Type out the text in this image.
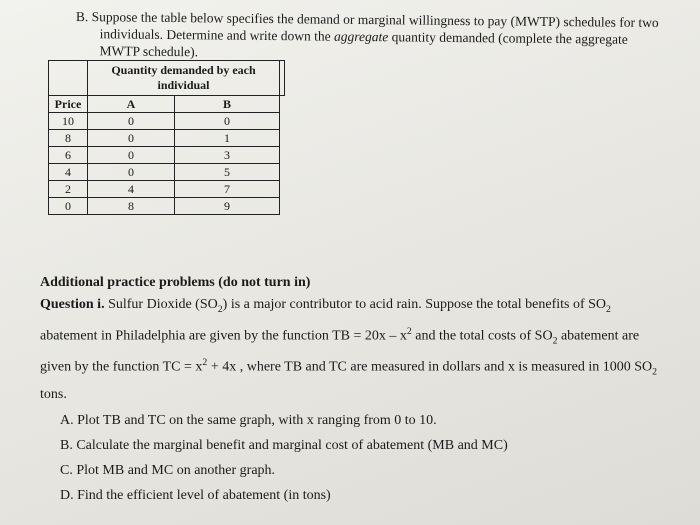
B. Suppose the table below specifies the demand or marginal willingness to pay (MWTP) schedules for two
individuals. Determine and write down the aggregate quantity demanded (complete the aggregate
MWTP schedule).
	Quantity demanded by each individual		
Price	A	B	
10	0	0	
8	0	1	
6	0	3	
4	0	5	
2	4	7	
0	8	9	

Additional practice problems (do not turn in)

Question i. Sulfur Dioxide $(SO_2)$ is a major contributor to acid rain. Suppose the total benefits of $SO_2$
abatement in Philadelphia are given by the function TB = $20x - x^2$ and the total costs of $SO_2$ abatement are
given by the function TC = $x^2 + 4x$ , where TB and TC are measured in dollars and x is measured in 1000 $SO_2$
tons.

A. Plot TB and TC on the same graph, with x ranging from 0 to 10.
B. Calculate the marginal benefit and marginal cost of abatement (MB and MC)
C. Plot MB and MC on another graph.
D. Find the efficient level of abatement (in tons)
